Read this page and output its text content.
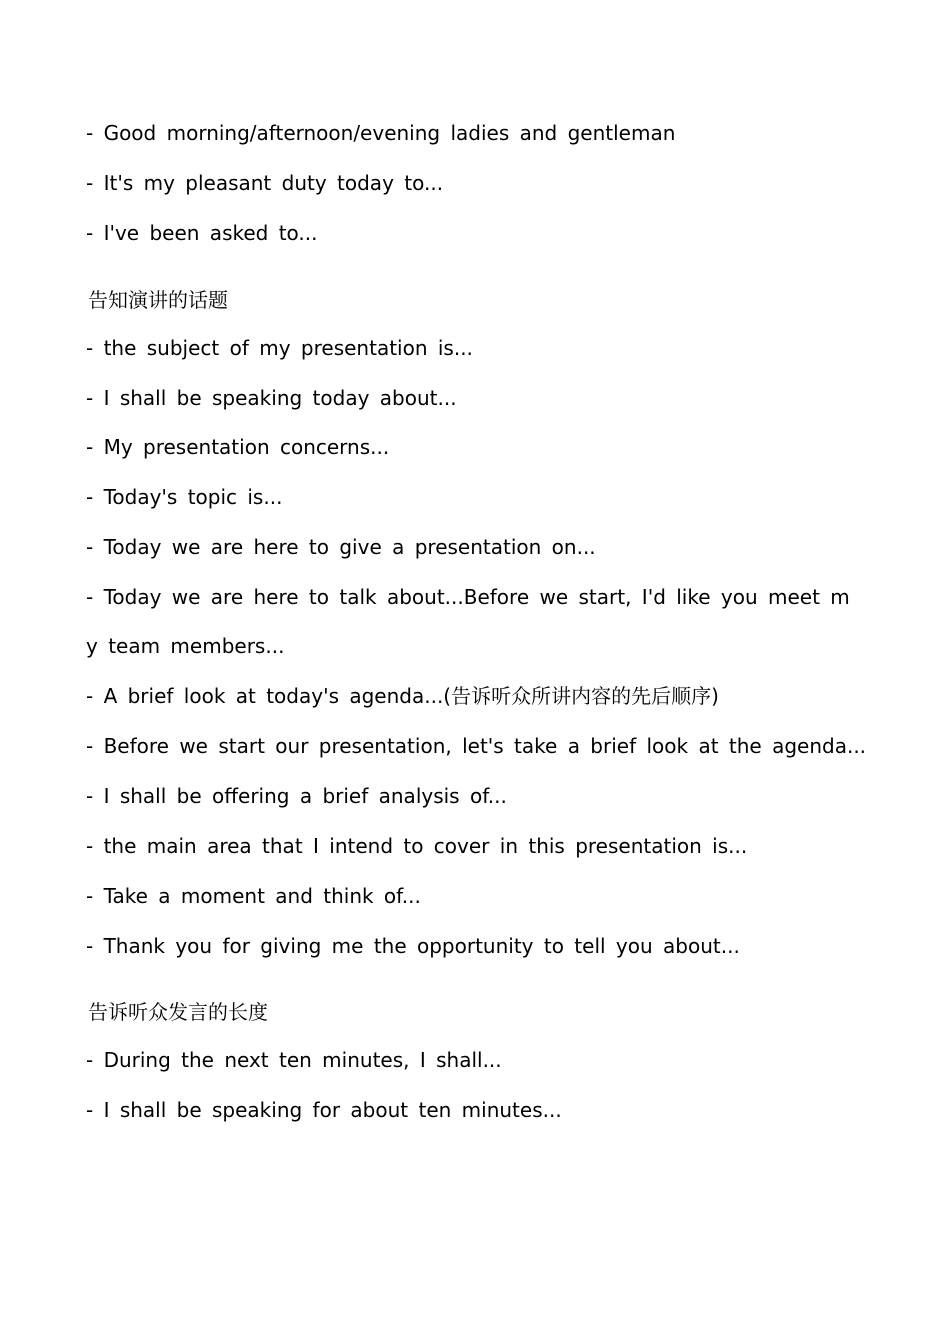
- Good morning/afternoon/evening ladies and gentleman
- It's my pleasant duty today to...
- I've been asked to...
告知演讲的话题
- the subject of my presentation is...
- I shall be speaking today about...
- My presentation concerns...
- Today's topic is...
- Today we are here to give a presentation on...
- Today we are here to talk about...Before we start, I'd like you meet m
y team members...
- A brief look at today's agenda...(告诉听众所讲内容的先后顺序)
- Before we start our presentation, let's take a brief look at the agenda...
- I shall be offering a brief analysis of...
- the main area that I intend to cover in this presentation is...
- Take a moment and think of...
- Thank you for giving me the opportunity to tell you about...
告诉听众发言的长度
- During the next ten minutes, I shall...
- I shall be speaking for about ten minutes...
